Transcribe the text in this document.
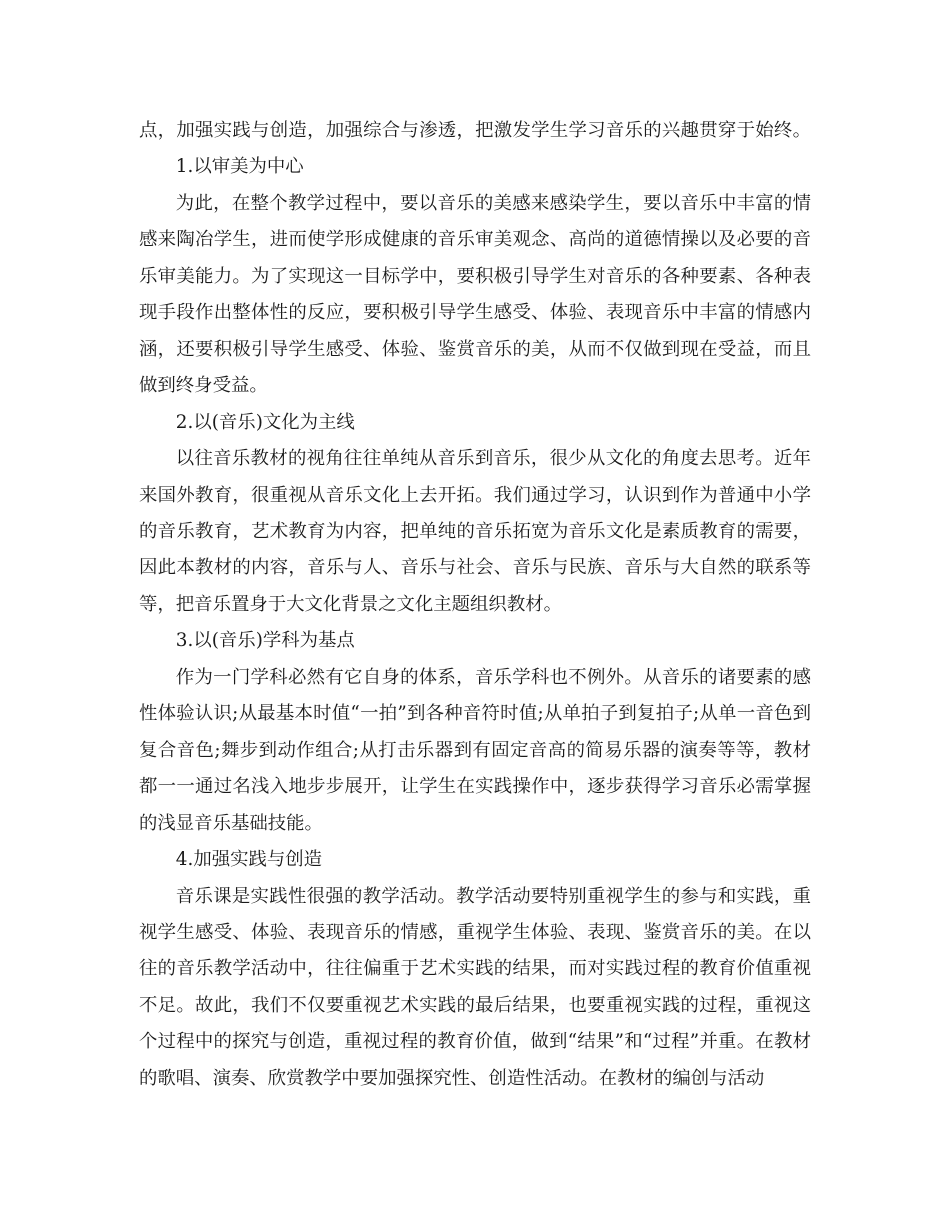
点，加强实践与创造，加强综合与渗透，把激发学生学习音乐的兴趣贯穿于始终。

1.以审美为中心

为此，在整个教学过程中，要以音乐的美感来感染学生，要以音乐中丰富的情感来陶冶学生，进而使学形成健康的音乐审美观念、高尚的道德情操以及必要的音乐审美能力。为了实现这一目标学中，要积极引导学生对音乐的各种要素、各种表现手段作出整体性的反应，要积极引导学生感受、体验、表现音乐中丰富的情感内涵，还要积极引导学生感受、体验、鉴赏音乐的美，从而不仅做到现在受益，而且做到终身受益。

2.以(音乐)文化为主线

以往音乐教材的视角往往单纯从音乐到音乐，很少从文化的角度去思考。近年来国外教育，很重视从音乐文化上去开拓。我们通过学习，认识到作为普通中小学的音乐教育，艺术教育为内容，把单纯的音乐拓宽为音乐文化是素质教育的需要，因此本教材的内容，音乐与人、音乐与社会、音乐与民族、音乐与大自然的联系等等，把音乐置身于大文化背景之文化主题组织教材。

3.以(音乐)学科为基点

作为一门学科必然有它自身的体系，音乐学科也不例外。从音乐的诸要素的感性体验认识;从最基本时值“一拍”到各种音符时值;从单拍子到复拍子;从单一音色到复合音色;舞步到动作组合;从打击乐器到有固定音高的简易乐器的演奏等等，教材都一一通过名浅入地步步展开，让学生在实践操作中，逐步获得学习音乐必需掌握的浅显音乐基础技能。

4.加强实践与创造

音乐课是实践性很强的教学活动。教学活动要特别重视学生的参与和实践，重视学生感受、体验、表现音乐的情感，重视学生体验、表现、鉴赏音乐的美。在以往的音乐教学活动中，往往偏重于艺术实践的结果，而对实践过程的教育价值重视不足。故此，我们不仅要重视艺术实践的最后结果，也要重视实践的过程，重视这个过程中的探究与创造，重视过程的教育价值，做到“结果”和“过程”并重。在教材的歌唱、演奏、欣赏教学中要加强探究性、创造性活动。在教材的编创与活动
